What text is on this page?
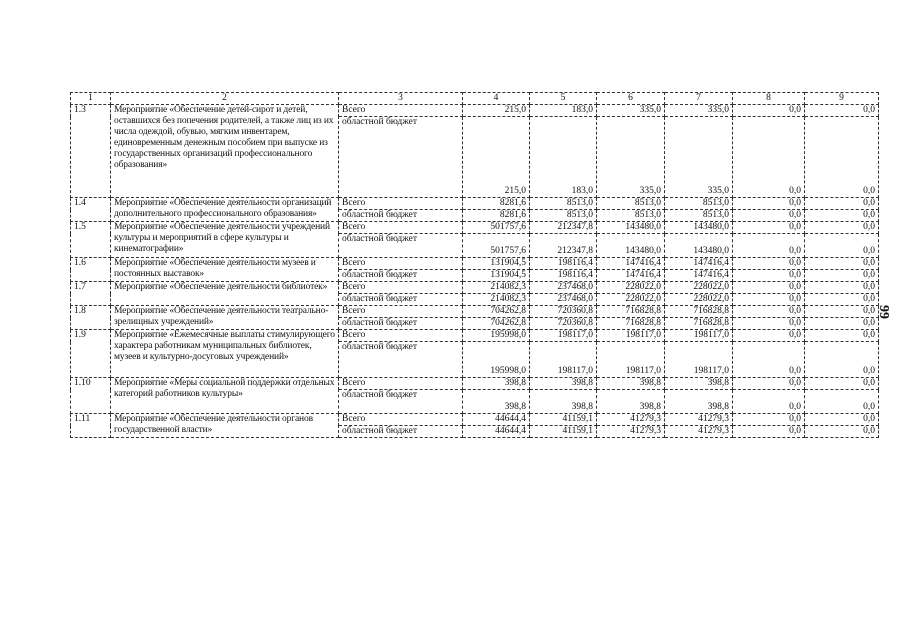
1	2	3	4	5	6	7	8	9
1.3	Мероприятие «Обеспечение детей-сирот и детей, оставшихся без попечения родителей, а также лиц из их числа одеждой, обувью, мягким инвентарем, единовременным денежным пособием при выпуске из государственных организаций профессионального образования»	Всего	215,0	183,0	335,0	335,0	0,0	0,0
		областной бюджет	215,0	183,0	335,0	335,0	0,0	0,0
1.4	Мероприятие «Обеспечение деятельности организаций дополнительного профессионального образования»	Всего	8281,6	8513,0	8513,0	8513,0	0,0	0,0
		областной бюджет	8281,6	8513,0	8513,0	8513,0	0,0	0,0
1.5	Мероприятие «Обеспечение деятельности учреждений культуры и мероприятий в сфере культуры и кинематографии»	Всего	501757,6	212347,8	143480,0	143480,0	0,0	0,0
		областной бюджет	501757,6	212347,8	143480,0	143480,0	0,0	0,0
1.6	Мероприятие «Обеспечение деятельности музеев и постоянных выставок»	Всего	131904,5	198116,4	147416,4	147416,4	0,0	0,0
		областной бюджет	131904,5	198116,4	147416,4	147416,4	0,0	0,0
1.7	Мероприятие «Обеспечение деятельности библиотек»	Всего	214082,3	237468,0	228022,0	228022,0	0,0	0,0
		областной бюджет	214082,3	237468,0	228022,0	228022,0	0,0	0,0
1.8	Мероприятие «Обеспечение деятельности театрально-зрелищных учреждений»	Всего	704262,8	720360,8	716828,8	716828,8	0,0	0,0
		областной бюджет	704262,8	720360,8	716828,8	716828,8	0,0	0,0
1.9	Мероприятие «Ежемесячные выплаты стимулирующего характера работникам муниципальных библиотек, музеев и культурно-досуговых учреждений»	Всего	195998,0	198117,0	198117,0	198117,0	0,0	0,0
		областной бюджет	195998,0	198117,0	198117,0	198117,0	0,0	0,0
1.10	Мероприятие «Меры социальной поддержки отдельных категорий работников культуры»	Всего	398,8	398,8	398,8	398,8	0,0	0,0
		областной бюджет	398,8	398,8	398,8	398,8	0,0	0,0
1.11	Мероприятие «Обеспечение деятельности органов государственной власти»	Всего	44644,4	41159,1	41279,3	41279,3	0,0	0,0
		областной бюджет	44644,4	41159,1	41279,3	41279,3	0,0	0,0
99
